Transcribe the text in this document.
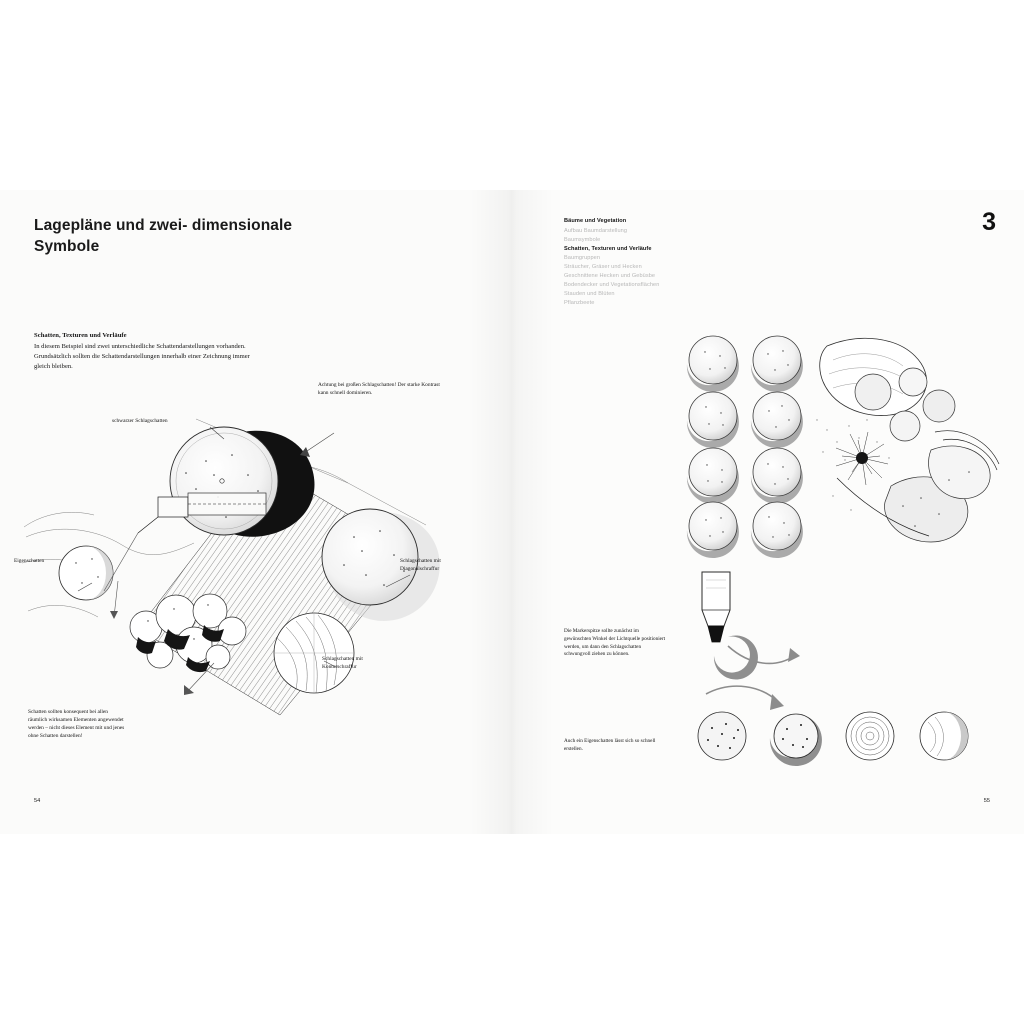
Lagepläne und zwei- dimensionale Symbole
Schatten, Texturen und Verläufe

In diesem Beispiel sind zwei unterschiedliche Schattendarstellungen vorhanden. Grundsätzlich sollten die Schattendarstellungen innerhalb einer Zeichnung immer gleich bleiben.

Achtung bei großen Schlagschatten! Der starke Kontrast kann schnell dominieren.
schwarzer Schlagschatten
Eigenschatten	Schlagschatten mit Diagonalschraffur
Schlagschatten mit Konturschraffur
Schatten sollten konsequent bei allen räumlich wirksamen Elementen angewendet werden – nicht dieses Element mit und jenes ohne Schatten darstellen!
54
Bäume und Vegetation
Aufbau Baumdarstellung
Baumsymbole
Schatten, Texturen und Verläufe
Baumgruppen
Sträucher, Gräser und Hecken
Geschnittene Hecken und Gebüsbe
Bodendecker und Vegetationsflächen
Stauden und Blüten
Pflanzbeete
3
Die Markerspitze sollte zunächst im gewünschten Winkel der Lichtquelle positioniert werden, um dann den Schlagschatten schwungvoll ziehen zu können.
Auch ein Eigenschatten lässt sich so schnell erstellen.
55
